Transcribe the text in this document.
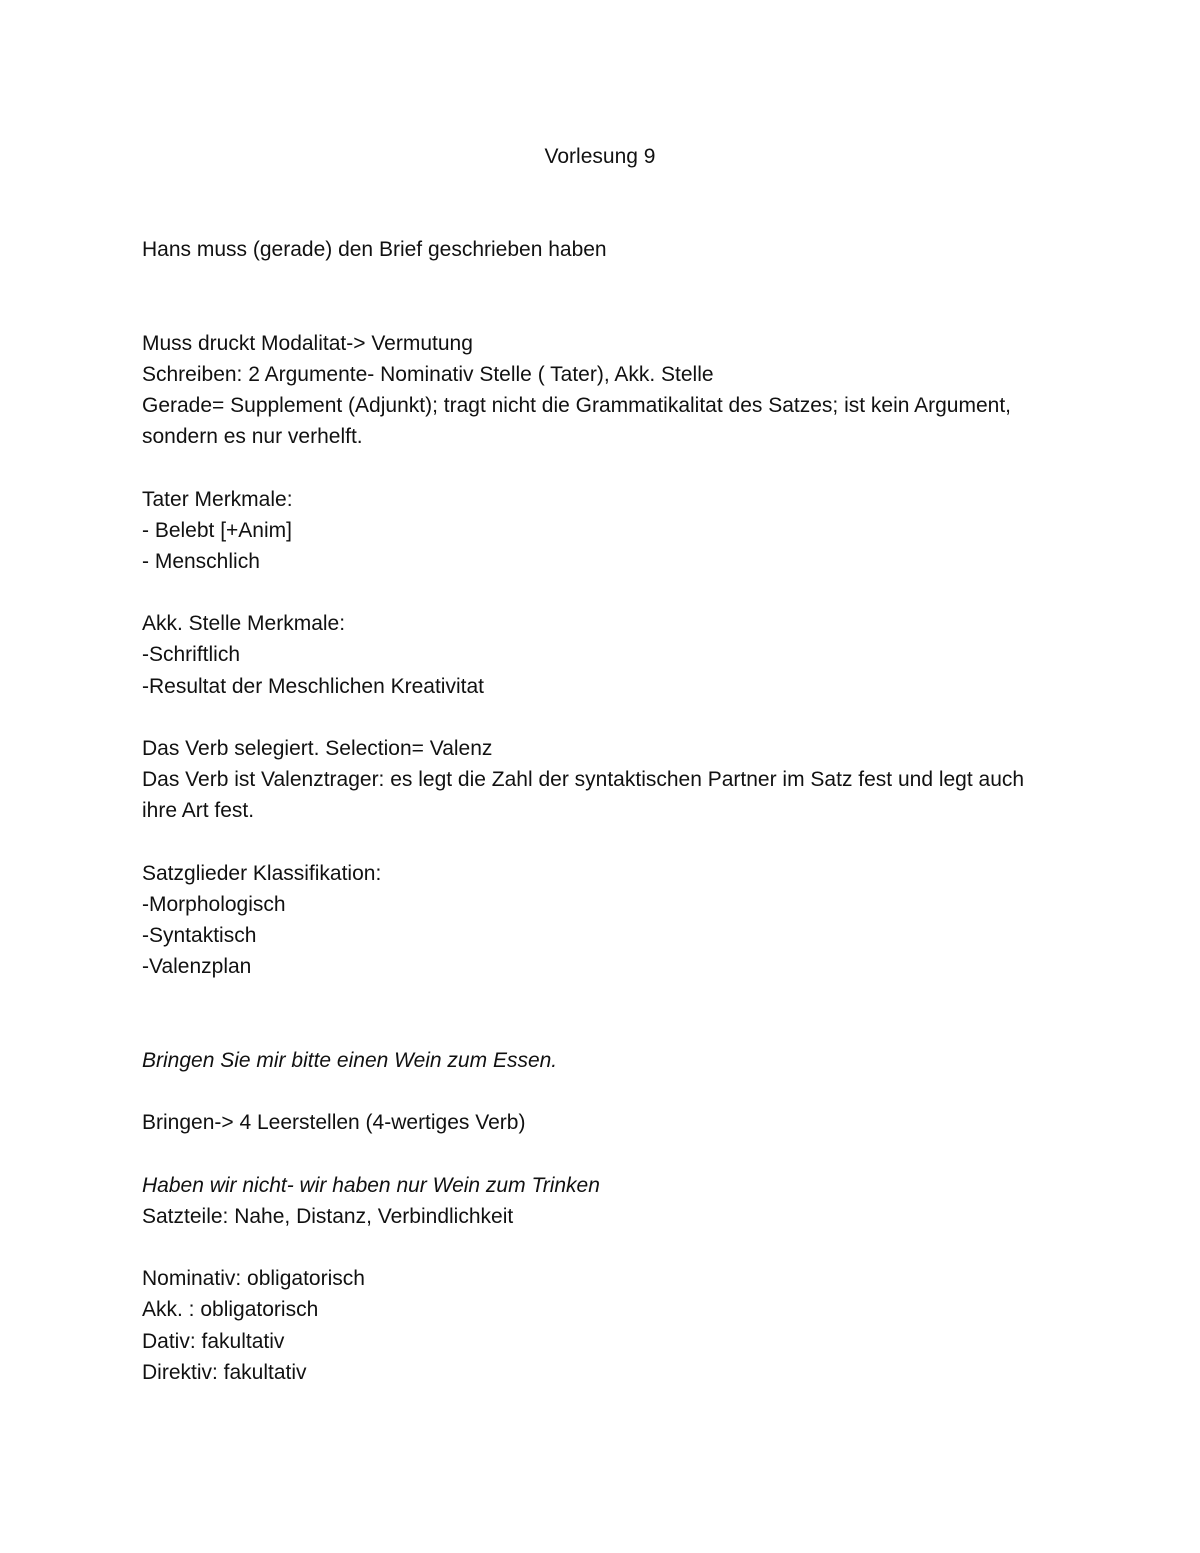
Vorlesung 9
Hans muss (gerade) den Brief geschrieben haben
Muss druckt Modalitat-> Vermutung
Schreiben: 2 Argumente- Nominativ Stelle ( Tater), Akk. Stelle
Gerade= Supplement (Adjunkt); tragt nicht die Grammatikalitat des Satzes; ist kein Argument,
sondern es nur verhelft.
Tater Merkmale:
- Belebt [+Anim]
- Menschlich
Akk. Stelle Merkmale:
-Schriftlich
-Resultat der Meschlichen Kreativitat
Das Verb selegiert. Selection= Valenz
Das Verb ist Valenztrager: es legt die Zahl der syntaktischen Partner im Satz fest und legt auch
ihre Art fest.
Satzglieder Klassifikation:
-Morphologisch
-Syntaktisch
-Valenzplan
Bringen Sie mir bitte einen Wein zum Essen.
Bringen-> 4 Leerstellen (4-wertiges Verb)
Haben wir nicht- wir haben nur Wein zum Trinken
Satzteile: Nahe, Distanz, Verbindlichkeit
Nominativ: obligatorisch
Akk. : obligatorisch
Dativ: fakultativ
Direktiv: fakultativ
